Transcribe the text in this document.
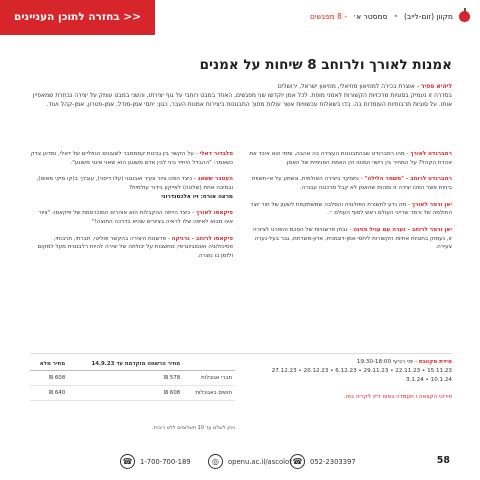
בחזרה לתוכן העניינים >>	מקוון (זום-לייב)
•
סמסטר א׳
- 8 מפגשים
אמנות לאורך ולרוחב 8 שיחות על אמנים
ליהיא ספיר - אוצרת בכירה למוזיאון מוזיאלי, מוזיאון ישראל, ירושלים
בסדרה זו נעמיק בסוגיות מרכזיות הקשורות לאמני מופת. לכל אמן יוקדשו שני מפגשים, האחד במבט רוחבי על גוף יצירתו, והשני במבט עומק על יצירה נבחרת שמאפיין אותו. על סוגיות תרבותיות העומדות בה. בדו בשאלות עכשוויות אשר עולות מתוך התבוננות ביצירות אמנות העבר, כגון: יחסי אמן-מודל, אמן-פטרון, אמן-קהל ועוד.
רמברנדט לאורך - מהו רמברנדט שבהתבוננות העצירה כה אהבה, ומתי הוא איבד את אהדת הקהל? על המחיר בין רישוי המוטו הין האמת הפנימית של האמן.
רמברנדט לרוחב - "משמר הלילה" - נתמקד ביצירה האולמית, ונשתע על אי-תשוות ביניות אשר הפכו יצירה זו ומהות שהאמן לא קבל מרכוגה עבורה.
יאן ורמר לאורך - מה נדע לחשורת הפולגויה והסלבה שמשתקפת לשעון של תור יוצר החולמה של ורמר שרייני העולם ראש לסוף העולם ״.
יאן ורמר לרוחב - נערה עם עגיל פנינה - נבחן פרשנויות של הסכמ והפורט לציורה זו, נעמוק בחוגיות אתיות הקשורות ליחסי אמן-דוגמנית, אדון-משרתת, גבר בעל-נערה צעירה.
סלבדור דאלי - על הקשר בין גבינות קמממבר לשעונים הנוזליים של דאלי, ומדוע צדק כשאמר: "ההבדל היחיד ביני לבין אדם משוגע הוא שאני אינני משוגע".
העטבר ששאג - כיצד הפכו ציור צעיר ואבוגוני (עלו דיסני), עובדך ב(קו מיקי מאוס), ובמיבה אחת (שלטה) לאייקון בידור עולמית?
מרצה אורח: זיו אלכסנדרוני
פיקאסו לאורך - כיצד הייתה ההקבלות הוא אוהרים המוכרסמת של פיקאסו: "ציור אינו מבוא לאיפה שלו לראיה בציורים שהיא בדרכה החוצה!"
פיקאסו לרוחב - גרניקה - פרשנות היצירה בהקשר פוליטי, חברתי, תרבותי, פסיכולוגיה ואוטוביוגרפי; מחשבות על יכולתה של יצירה להיות רלבנטית מעל למקום ולזמן בו נוצרה.
מידת מקוונת - ימי רביעי 19:30-18:00
15.11.23 • 22.11.23 • 29.11.23 • 6.12.23 • 20.12.23 • 27.12.23
10.1.24 • 3.1.24
פירוט הקצאה ו תעמדה בפוס ליינ לקריה בפו.
	מחיר הרשמה מוקדמת עד 14.9.23	מחיר מלא
חברי אגוכלות	578 ₪	608 ₪
חושים באגוכלות	608 ₪	640 ₪
ניתן לשלם עד 10 תשלומים ללא ריבית.
58
☎	052-2303397
◎	openu.ac.il/ascolot
☎	1-700-700-189
